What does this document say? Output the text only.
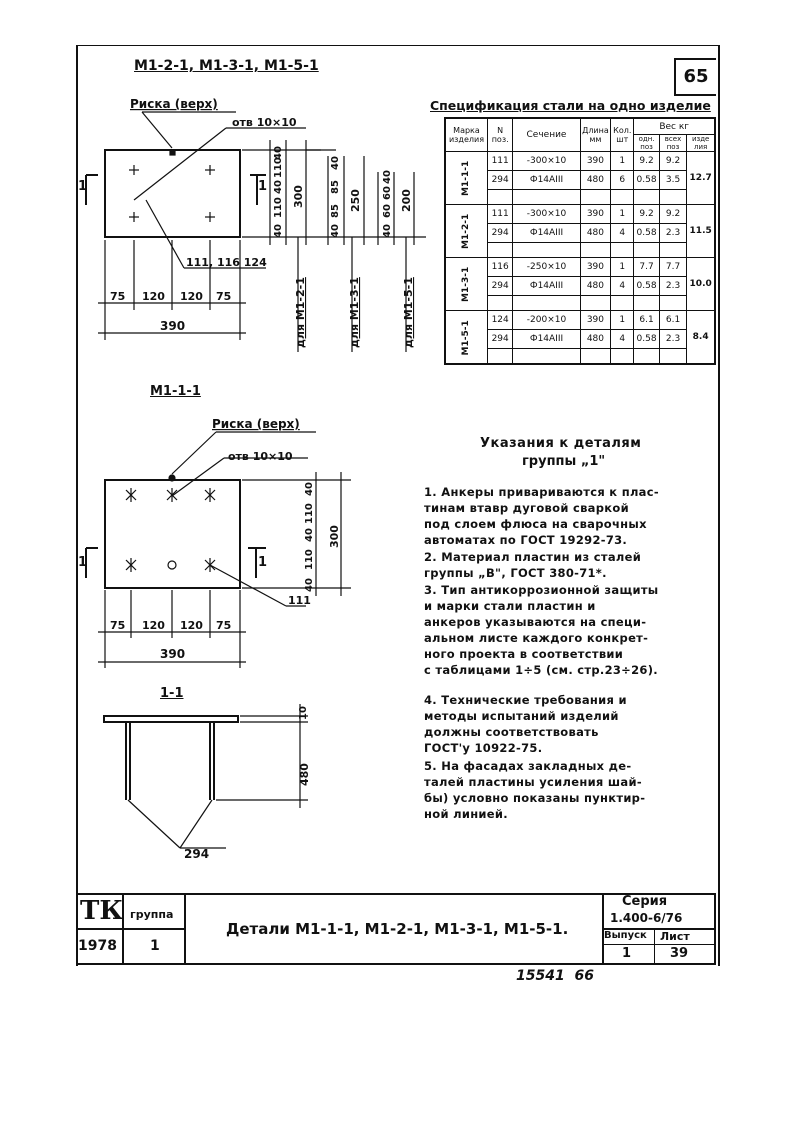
65
М1-2-1, М1-3-1, М1-5-1
Риска (верх)
отв 10×10
111, 116 124
1	1
75 120 120 75
390
40
110
40
110
40
300
40
85
85
40
250
40
60
60
40
200
для М1-2-1	для М1-3-1	для М1-5-1
Спецификация стали на одно изделие
Марка изделия	N поз.	Сечение	Длина мм	Кол. шт	Вес кг		
					одн. поз	всех поз	изде лия
М1-1-1	111	-300×10	390	1	9.2	9.2	12.7
	294	Ф14АIII	480	6	0.58	3.5	

М1-2-1	111	-300×10	390	1	9.2	9.2	11.5
	294	Ф14АIII	480	4	0.58	2.3	

М1-3-1	116	-250×10	390	1	7.7	7.7	10.0
	294	Ф14АIII	480	4	0.58	2.3	

М1-5-1	124	-200×10	390	1	6.1	6.1	8.4
	294	Ф14АIII	480	4	0.58	2.3	

М1-1-1
Риска (верх)
отв 10×10
111
1	1
75 120 120 75
390
40
110
40
110
40
300
1-1
10
480
294
Указания к деталям
группы „1"
1. Анкеры привариваются к плас-
тинам втавр дуговой сваркой
под слоем флюса на сварочных
автоматах по ГОСТ 19292-73.
2. Материал пластин из сталей
группы „В", ГОСТ 380-71*.
3. Тип антикоррозионной защиты
и марки стали пластин и
анкеров указываются на специ-
альном листе каждого конкрет-
ного проекта в соответствии
с таблицами 1÷5 (см. стр.23÷26).
4. Технические требования и
методы испытаний изделий
должны соответствовать
ГОСТ'у 10922-75.
5. На фасадах закладных де-
талей пластины усиления шай-
бы) условно показаны пунктир-
ной линией.
ТК
1978
группа
1
Детали М1-1-1, М1-2-1, М1-3-1, М1-5-1.
Серия
1.400-6/76
Выпуск
1
Лист
39
15541  66
